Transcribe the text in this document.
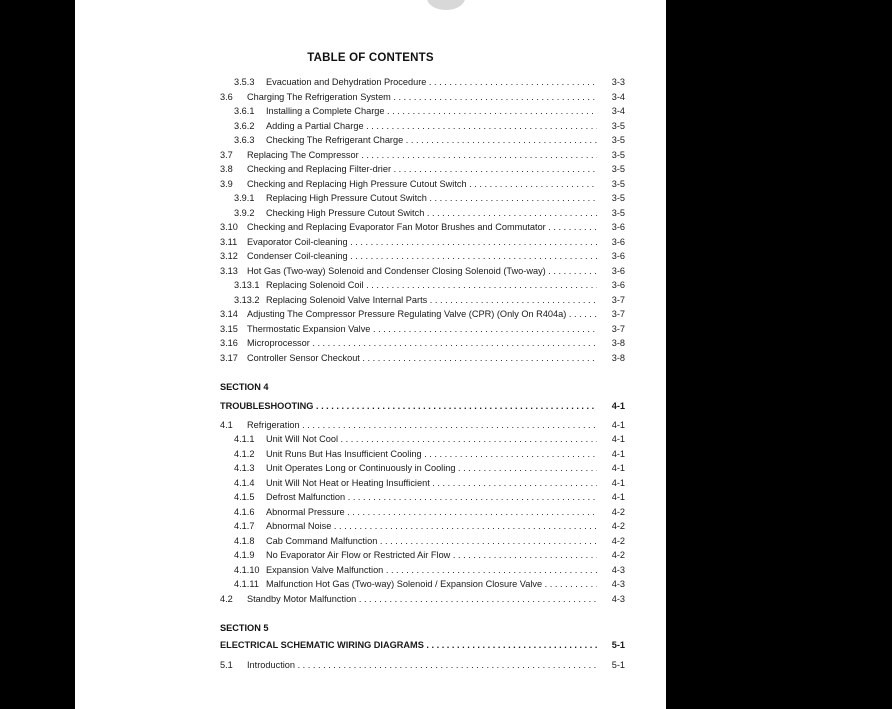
TABLE OF CONTENTS
3.5.3 Evacuation and Dehydration Procedure . . .	3-3
3.6 Charging The Refrigeration System . . .	3-4
3.6.1 Installing a Complete Charge . . .	3-4
3.6.2 Adding a Partial Charge . . .	3-5
3.6.3 Checking The Refrigerant Charge . . .	3-5
3.7 Replacing The Compressor . . .	3-5
3.8 Checking and Replacing Filter-drier . . .	3-5
3.9 Checking and Replacing High Pressure Cutout Switch . . .	3-5
3.9.1 Replacing High Pressure Cutout Switch . . .	3-5
3.9.2 Checking High Pressure Cutout Switch . . .	3-5
3.10 Checking and Replacing Evaporator Fan Motor Brushes and Commutator . . .	3-6
3.11 Evaporator Coil-cleaning . . .	3-6
3.12 Condenser Coil-cleaning . . .	3-6
3.13 Hot Gas (Two-way) Solenoid and Condenser Closing Solenoid (Two-way) . . .	3-6
3.13.1 Replacing Solenoid Coil . . .	3-6
3.13.2 Replacing Solenoid Valve Internal Parts . . .	3-7
3.14 Adjusting The Compressor Pressure Regulating Valve (CPR) (Only On R404a) . . .	3-7
3.15 Thermostatic Expansion Valve . . .	3-7
3.16 Microprocessor . . .	3-8
3.17 Controller Sensor Checkout . . .	3-8
SECTION 4
TROUBLESHOOTING . . .	4-1
4.1 Refrigeration . . .	4-1
4.1.1 Unit Will Not Cool . . .	4-1
4.1.2 Unit Runs But Has Insufficient Cooling . . .	4-1
4.1.3 Unit Operates Long or Continuously in Cooling . . .	4-1
4.1.4 Unit Will Not Heat or Heating Insufficient . . .	4-1
4.1.5 Defrost Malfunction . . .	4-1
4.1.6 Abnormal Pressure . . .	4-2
4.1.7 Abnormal Noise . . .	4-2
4.1.8 Cab Command Malfunction . . .	4-2
4.1.9 No Evaporator Air Flow or Restricted Air Flow . . .	4-2
4.1.10 Expansion Valve Malfunction . . .	4-3
4.1.11 Malfunction Hot Gas (Two-way) Solenoid / Expansion Closure Valve . . .	4-3
4.2 Standby Motor Malfunction . . .	4-3
SECTION 5
ELECTRICAL SCHEMATIC WIRING DIAGRAMS . . .	5-1
5.1 Introduction . . .	5-1
